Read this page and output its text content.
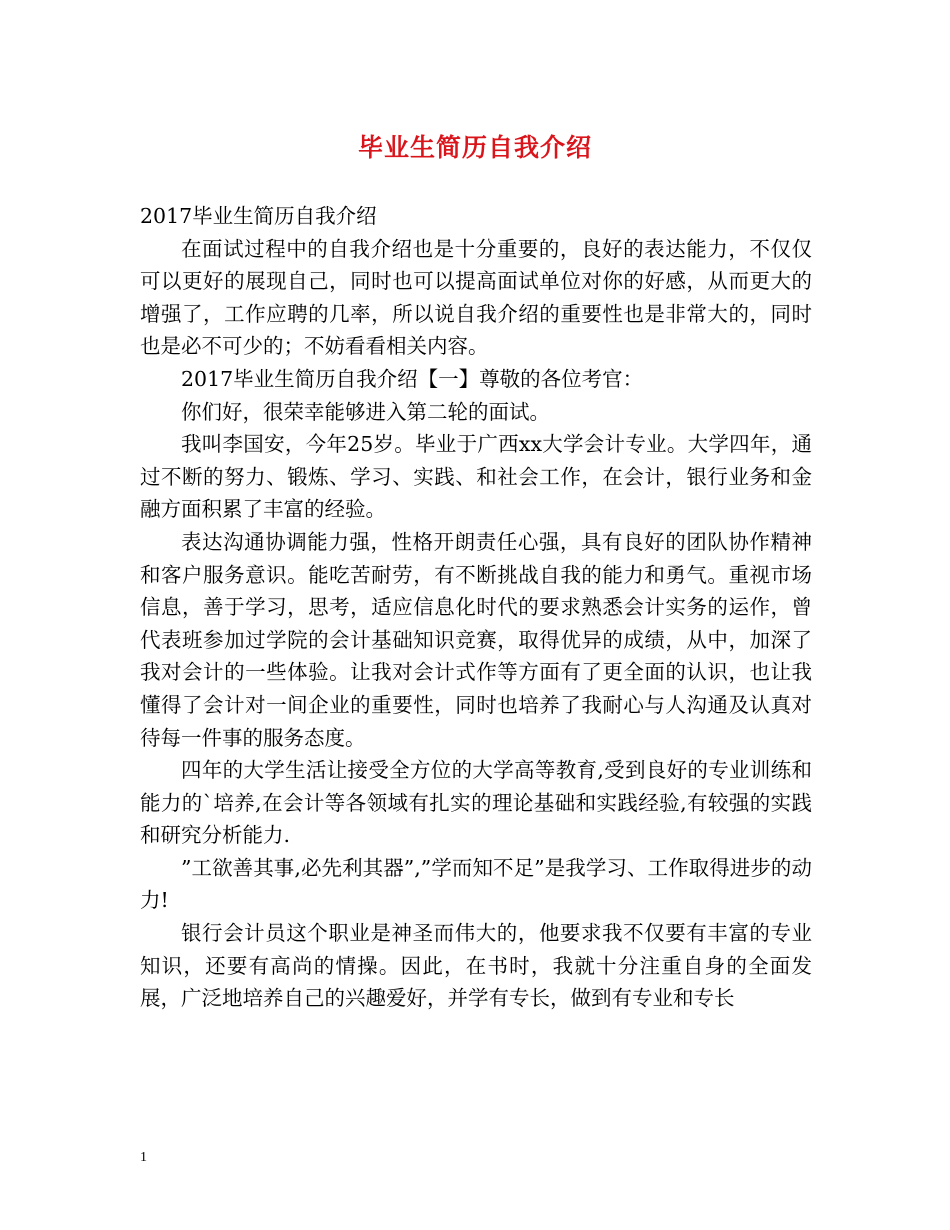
毕业生简历自我介绍

2017毕业生简历自我介绍

在面试过程中的自我介绍也是十分重要的，良好的表达能力，不仅仅可以更好的展现自己，同时也可以提高面试单位对你的好感，从而更大的增强了，工作应聘的几率，所以说自我介绍的重要性也是非常大的，同时也是必不可少的；不妨看看相关内容。

2017毕业生简历自我介绍【一】尊敬的各位考官：

你们好，很荣幸能够进入第二轮的面试。

我叫李国安，今年25岁。毕业于广西xx大学会计专业。大学四年，通过不断的努力、锻炼、学习、实践、和社会工作，在会计，银行业务和金融方面积累了丰富的经验。

表达沟通协调能力强，性格开朗责任心强，具有良好的团队协作精神和客户服务意识。能吃苦耐劳，有不断挑战自我的能力和勇气。重视市场信息，善于学习，思考，适应信息化时代的要求熟悉会计实务的运作，曾代表班参加过学院的会计基础知识竞赛，取得优异的成绩，从中，加深了我对会计的一些体验。让我对会计式作等方面有了更全面的认识，也让我懂得了会计对一间企业的重要性，同时也培养了我耐心与人沟通及认真对待每一件事的服务态度。

四年的大学生活让接受全方位的大学高等教育,受到良好的专业训练和能力的`培养,在会计等各领域有扎实的理论基础和实践经验,有较强的实践和研究分析能力.

”工欲善其事,必先利其器”,”学而知不足”是我学习、工作取得进步的动力!

银行会计员这个职业是神圣而伟大的，他要求我不仅要有丰富的专业知识，还要有高尚的情操。因此，在书时，我就十分注重自身的全面发展，广泛地培养自己的兴趣爱好，并学有专长，做到有专业和专长

1
